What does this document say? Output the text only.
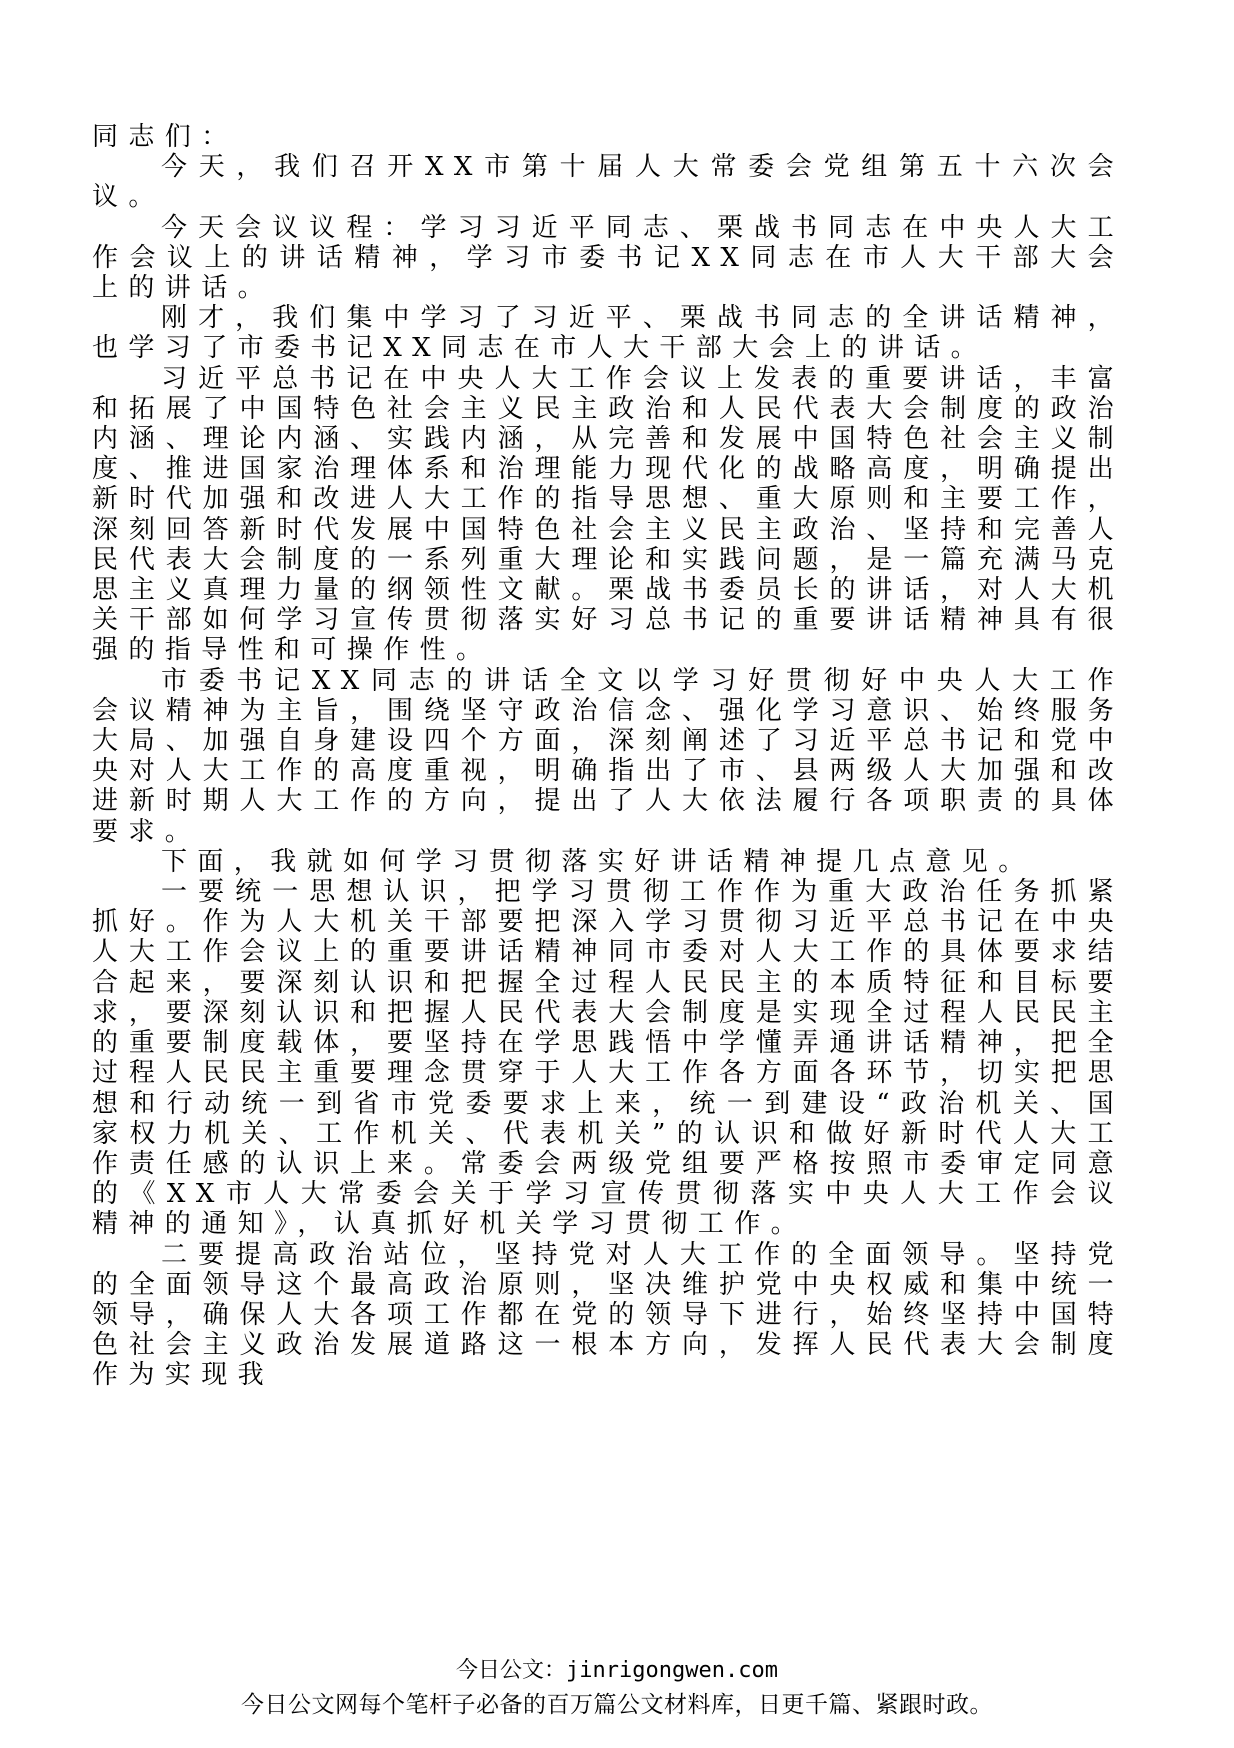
同志们：

今天，我们召开XX市第十届人大常委会党组第五十六次会议。

今天会议议程：学习习近平同志、栗战书同志在中央人大工作会议上的讲话精神，学习市委书记XX同志在市人大干部大会上的讲话。

刚才，我们集中学习了习近平、栗战书同志的全讲话精神，也学习了市委书记XX同志在市人大干部大会上的讲话。

习近平总书记在中央人大工作会议上发表的重要讲话，丰富和拓展了中国特色社会主义民主政治和人民代表大会制度的政治内涵、理论内涵、实践内涵，从完善和发展中国特色社会主义制度、推进国家治理体系和治理能力现代化的战略高度，明确提出新时代加强和改进人大工作的指导思想、重大原则和主要工作，深刻回答新时代发展中国特色社会主义民主政治、坚持和完善人民代表大会制度的一系列重大理论和实践问题，是一篇充满马克思主义真理力量的纲领性文献。栗战书委员长的讲话，对人大机关干部如何学习宣传贯彻落实好习总书记的重要讲话精神具有很强的指导性和可操作性。

市委书记XX同志的讲话全文以学习好贯彻好中央人大工作会议精神为主旨，围绕坚守政治信念、强化学习意识、始终服务大局、加强自身建设四个方面，深刻阐述了习近平总书记和党中央对人大工作的高度重视，明确指出了市、县两级人大加强和改进新时期人大工作的方向，提出了人大依法履行各项职责的具体要求。

下面，我就如何学习贯彻落实好讲话精神提几点意见。

一要统一思想认识，把学习贯彻工作作为重大政治任务抓紧抓好。作为人大机关干部要把深入学习贯彻习近平总书记在中央人大工作会议上的重要讲话精神同市委对人大工作的具体要求结合起来，要深刻认识和把握全过程人民民主的本质特征和目标要求，要深刻认识和把握人民代表大会制度是实现全过程人民民主的重要制度载体，要坚持在学思践悟中学懂弄通讲话精神，把全过程人民民主重要理念贯穿于人大工作各方面各环节，切实把思想和行动统一到省市党委要求上来，统一到建设“政治机关、国家权力机关、工作机关、代表机关”的认识和做好新时代人大工作责任感的认识上来。常委会两级党组要严格按照市委审定同意的《XX市人大常委会关于学习宣传贯彻落实中央人大工作会议精神的通知》，认真抓好机关学习贯彻工作。

二要提高政治站位，坚持党对人大工作的全面领导。坚持党的全面领导这个最高政治原则，坚决维护党中央权威和集中统一领导，确保人大各项工作都在党的领导下进行，始终坚持中国特色社会主义政治发展道路这一根本方向，发挥人民代表大会制度作为实现我

今日公文：jinrigongwen.com
今日公文网每个笔杆子必备的百万篇公文材料库，日更千篇、紧跟时政。
